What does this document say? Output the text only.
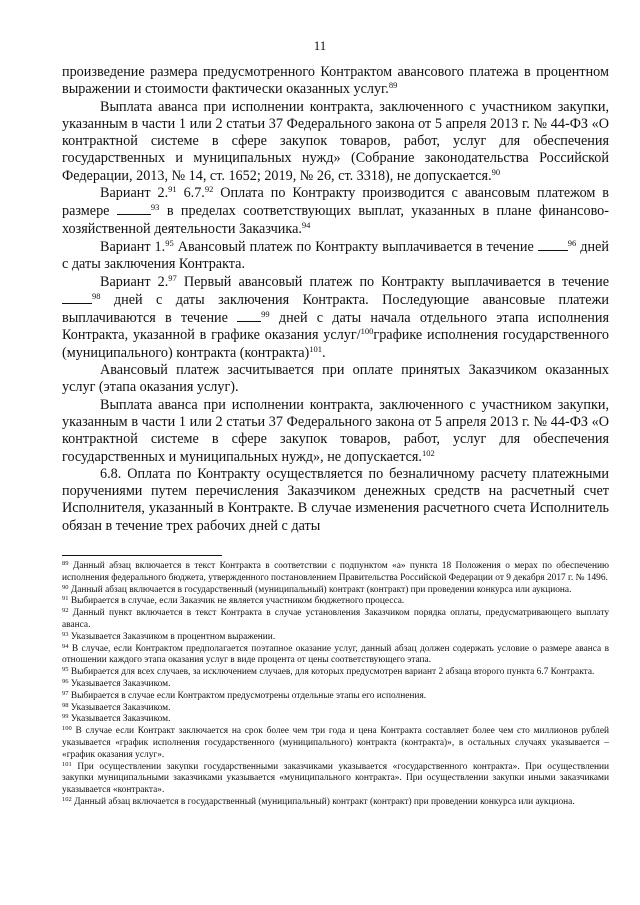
11

произведение размера предусмотренного Контрактом авансового платежа в процентном выражении и стоимости фактически оказанных услуг.$^{89}$

Выплата аванса при исполнении контракта, заключенного с участником закупки, указанным в части 1 или 2 статьи 37 Федерального закона от 5 апреля 2013 г. № 44-ФЗ «О контрактной системе в сфере закупок товаров, работ, услуг для обеспечения государственных и муниципальных нужд» (Собрание законодательства Российской Федерации, 2013, № 14, ст. 1652; 2019, № 26, ст. 3318), не допускается.$^{90}$

Вариант 2.91 6.7.92 Оплата по Контракту производится с авансовым платежом в размере	$^{93}$ в пределах соответствующих выплат, указанных в плане финансово-хозяйственной деятельности Заказчика.$^{94}$

Вариант 1.95 Авансовый платеж по Контракту выплачивается в течение	$^{96}$ дней с даты заключения Контракта.

Вариант 2.97 Первый авансовый платеж по Контракту выплачивается в течение $^{98}$ дней с даты заключения Контракта. Последующие авансовые платежи выплачиваются в течение	$^{99}$ дней с даты начала отдельного этапа исполнения Контракта, указанной в графике оказания услуг/$^{100}$графике исполнения государственного (муниципального) контракта (контракта)$^{101}$.

Авансовый платеж засчитывается при оплате принятых Заказчиком оказанных услуг (этапа оказания услуг).

Выплата аванса при исполнении контракта, заключенного с участником закупки, указанным в части 1 или 2 статьи 37 Федерального закона от 5 апреля 2013 г. № 44-ФЗ «О контрактной системе в сфере закупок товаров, работ, услуг для обеспечения государственных и муниципальных нужд», не допускается.$^{102}$

6.8. Оплата по Контракту осуществляется по безналичному расчету платежными поручениями путем перечисления Заказчиком денежных средств на расчетный счет Исполнителя, указанный в Контракте. В случае изменения расчетного счета Исполнитель обязан в течение трех рабочих дней с даты

$^{89}$ Данный абзац включается в текст Контракта в соответствии с подпунктом «а» пункта 18 Положения о мерах по обеспечению исполнения федерального бюджета, утвержденного постановлением Правительства Российской Федерации от 9 декабря 2017 г. № 1496.

$^{90}$ Данный абзац включается в государственный (муниципальный) контракт (контракт) при проведении конкурса или аукциона.

$^{91}$ Выбирается в случае, если Заказчик не является участником бюджетного процесса.

$^{92}$ Данный пункт включается в текст Контракта в случае установления Заказчиком порядка оплаты, предусматривающего выплату аванса.

$^{93}$ Указывается Заказчиком в процентном выражении.

$^{94}$ В случае, если Контрактом предполагается поэтапное оказание услуг, данный абзац должен содержать условие о размере аванса в отношении каждого этапа оказания услуг в виде процента от цены соответствующего этапа.

$^{95}$ Выбирается для всех случаев, за исключением случаев, для которых предусмотрен вариант 2 абзаца второго пункта 6.7 Контракта.

$^{96}$ Указывается Заказчиком.

$^{97}$ Выбирается в случае если Контрактом предусмотрены отдельные этапы его исполнения.

$^{98}$ Указывается Заказчиком.

$^{99}$ Указывается Заказчиком.

$^{100}$ В случае если Контракт заключается на срок более чем три года и цена Контракта составляет более чем сто миллионов рублей указывается «график исполнения государственного (муниципального) контракта (контракта)», в остальных случаях указывается – «график оказания услуг».

$^{101}$ При осуществлении закупки государственными заказчиками указывается «государственного контракта». При осуществлении закупки муниципальными заказчиками указывается «муниципального контракта». При осуществлении закупки иными заказчиками указывается «контракта».

$^{102}$ Данный абзац включается в государственный (муниципальный) контракт (контракт) при проведении конкурса или аукциона.
